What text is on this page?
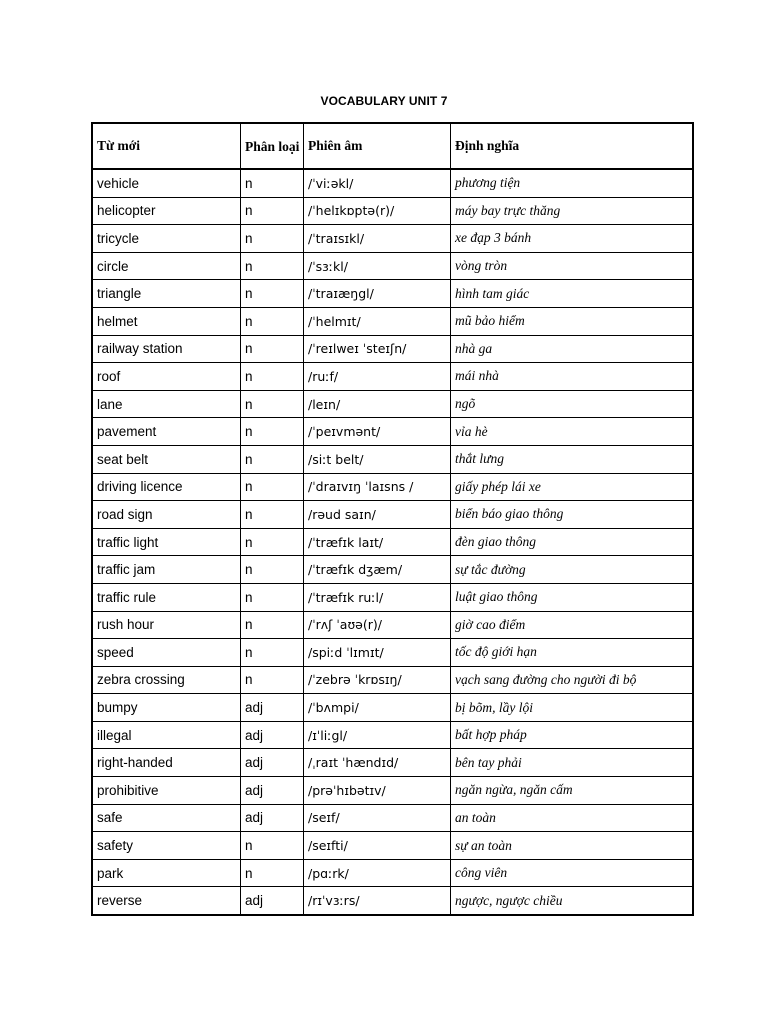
VOCABULARY UNIT 7
Từ mới	Phân loại	Phiên âm	Định nghĩa
vehicle	n	/ˈviːəkl/	phương tiện
helicopter	n	/ˈhelɪkɒptə(r)/	máy bay trực thăng
tricycle	n	/ˈtraɪsɪkl/	xe đạp 3 bánh
circle	n	/ˈsɜːkl/	vòng tròn
triangle	n	/ˈtraɪæŋgl/	hình tam giác
helmet	n	/ˈhelmɪt/	mũ bảo hiểm
railway station	n	/ˈreɪlweɪ ˈsteɪʃn/	nhà ga
roof	n	/ruːf/	mái nhà
lane	n	/leɪn/	ngõ
pavement	n	/ˈpeɪvmənt/	vỉa hè
seat belt	n	/siːt belt/	thắt lưng
driving licence	n	/ˈdraɪvɪŋ ˈlaɪsns /	giấy phép lái xe
road sign	n	/rəud saɪn/	biển báo giao thông
traffic light	n	/ˈtræfɪk laɪt/	đèn giao thông
traffic jam	n	/ˈtræfɪk dʒæm/	sự tắc đường
traffic rule	n	/ˈtræfɪk ruːl/	luật giao thông
rush hour	n	/ˈrʌʃ ˈaʊə(r)/	giờ cao điểm
speed	n	/spiːd ˈlɪmɪt/	tốc độ giới hạn
zebra crossing	n	/ˈzebrə ˈkrɒsɪŋ/	vạch sang đường cho người đi bộ
bumpy	adj	/ˈbʌmpi/	bị bõm, lầy lội
illegal	adj	/ɪˈliːgl/	bất hợp pháp
right-handed	adj	/ˌraɪt ˈhændɪd/	bên tay phải
prohibitive	adj	/prəˈhɪbətɪv/	ngăn ngừa, ngăn cấm
safe	adj	/seɪf/	an toàn
safety	n	/seɪfti/	sự an toàn
park	n	/pɑːrk/	công viên
reverse	adj	/rɪˈvɜːrs/	ngược, ngược chiều
